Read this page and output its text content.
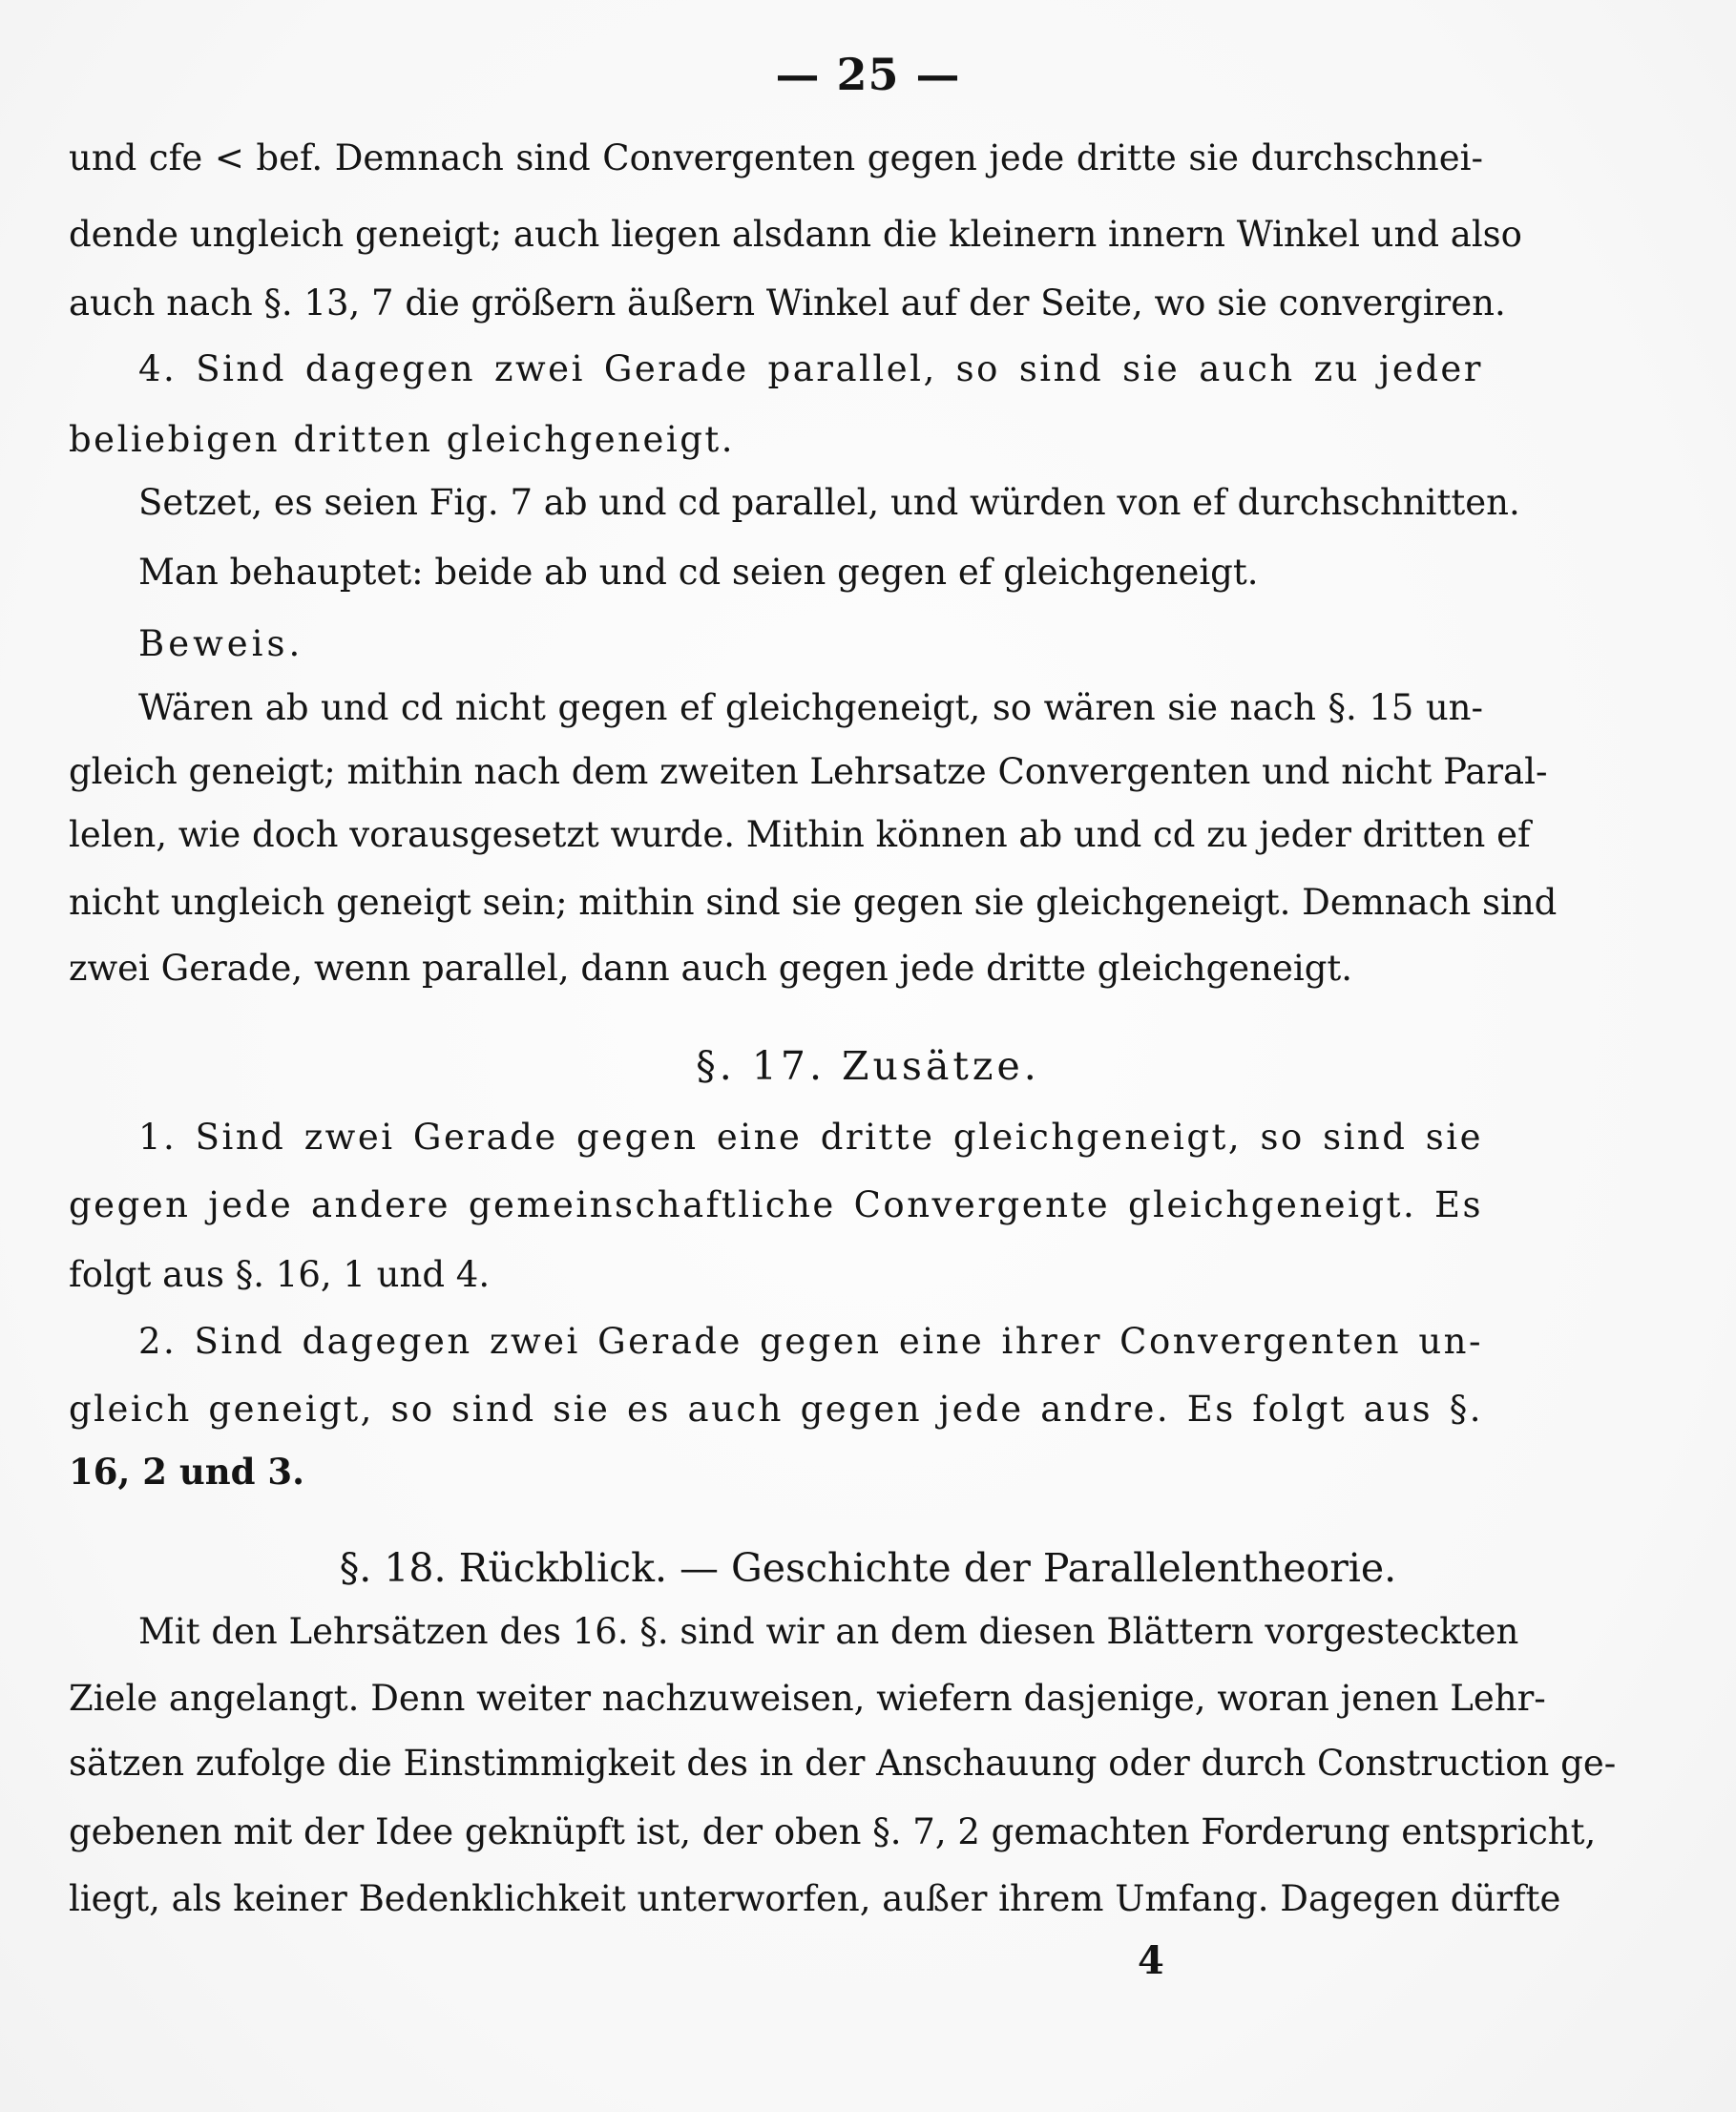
— 25 —
und cfe < bef. Demnach sind Convergenten gegen jede dritte sie durchschnei-
dende ungleich geneigt; auch liegen alsdann die kleinern innern Winkel und also
auch nach §. 13, 7 die größern äußern Winkel auf der Seite, wo sie convergiren.
4. Sind dagegen zwei Gerade parallel, so sind sie auch zu jeder
beliebigen dritten gleichgeneigt.
Setzet, es seien Fig. 7 ab und cd parallel, und würden von ef durchschnitten.
Man behauptet: beide ab und cd seien gegen ef gleichgeneigt.
Beweis.
Wären ab und cd nicht gegen ef gleichgeneigt, so wären sie nach §. 15 un-
gleich geneigt; mithin nach dem zweiten Lehrsatze Convergenten und nicht Paral-
lelen, wie doch vorausgesetzt wurde. Mithin können ab und cd zu jeder dritten ef
nicht ungleich geneigt sein; mithin sind sie gegen sie gleichgeneigt. Demnach sind
zwei Gerade, wenn parallel, dann auch gegen jede dritte gleichgeneigt.
§. 17. Zusätze.
1. Sind zwei Gerade gegen eine dritte gleichgeneigt, so sind sie
gegen jede andere gemeinschaftliche Convergente gleichgeneigt. Es
folgt aus §. 16, 1 und 4.
2. Sind dagegen zwei Gerade gegen eine ihrer Convergenten un-
gleich geneigt, so sind sie es auch gegen jede andre. Es folgt aus §.
16, 2 und 3.
§. 18. Rückblick. — Geschichte der Parallelentheorie.
Mit den Lehrsätzen des 16. §. sind wir an dem diesen Blättern vorgesteckten
Ziele angelangt. Denn weiter nachzuweisen, wiefern dasjenige, woran jenen Lehr-
sätzen zufolge die Einstimmigkeit des in der Anschauung oder durch Construction ge-
gebenen mit der Idee geknüpft ist, der oben §. 7, 2 gemachten Forderung entspricht,
liegt, als keiner Bedenklichkeit unterworfen, außer ihrem Umfang. Dagegen dürfte
4
